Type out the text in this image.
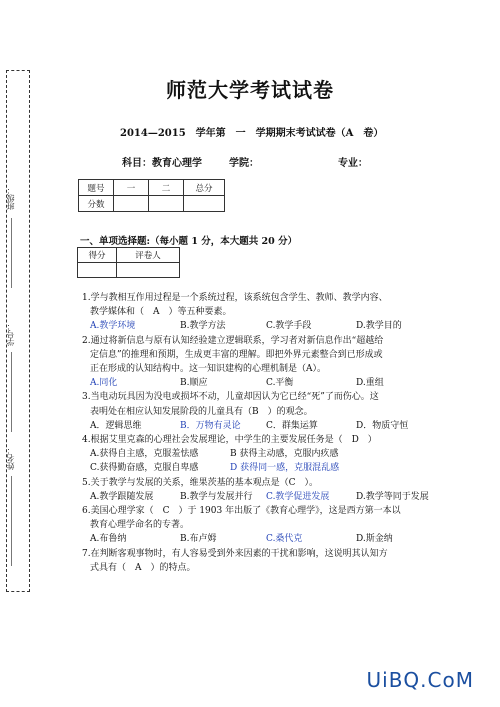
班级：
学号：
姓名：
师范大学考试试卷
2014—2015　学年第　一　学期期末考试试卷（A　卷）
科目：教育心理学	学院：	专业：
题号	一	二	总分
分数			
一、单项选择题:（每小题 1 分，本大题共 20 分）
得分	评卷人

1.学与教相互作用过程是一个系统过程，该系统包含学生、教师、教学内容、
教学媒体和（　A　）等五种要素。
A.教学环境	B.教学方法	C.教学手段	D.教学目的
2.通过将新信息与原有认知经验建立逻辑联系，学习者对新信息作出“超越给
定信息”的推理和预期，生成更丰富的理解。即把外界元素整合到已形成或
正在形成的认知结构中。这一知识建构的心理机制是（A）。
A.同化	B.顺应	C.平衡	D.重组
3.当电动玩具因为没电或损坏不动，儿童却因认为它已经“死”了而伤心。这
表明处在相应认知发展阶段的儿童具有（B　）的观念。
A．逻辑思维	B．万物有灵论	C．群集运算	D．物质守恒
4.根据艾里克森的心理社会发展理论，中学生的主要发展任务是（　D　）
A.获得自主感，克服羞怯感	B 获得主动感，克服内疚感
C.获得勤奋感，克服自卑感	D 获得同一感，克服混乱感
5.关于教学与发展的关系，维果茨基的基本观点是（C　）。
A.教学跟随发展	B.教学与发展并行	C.教学促进发展	D.教学等同于发展
6.美国心理学家（　C　）于 1903 年出版了《教育心理学》，这是西方第一本以
教育心理学命名的专著。
A.布鲁纳	B.布卢姆	C.桑代克	D.斯金纳
7.在判断客观事物时，有人容易受到外来因素的干扰和影响，这说明其认知方
式具有（　A　）的特点。
UiBQ.CoM
